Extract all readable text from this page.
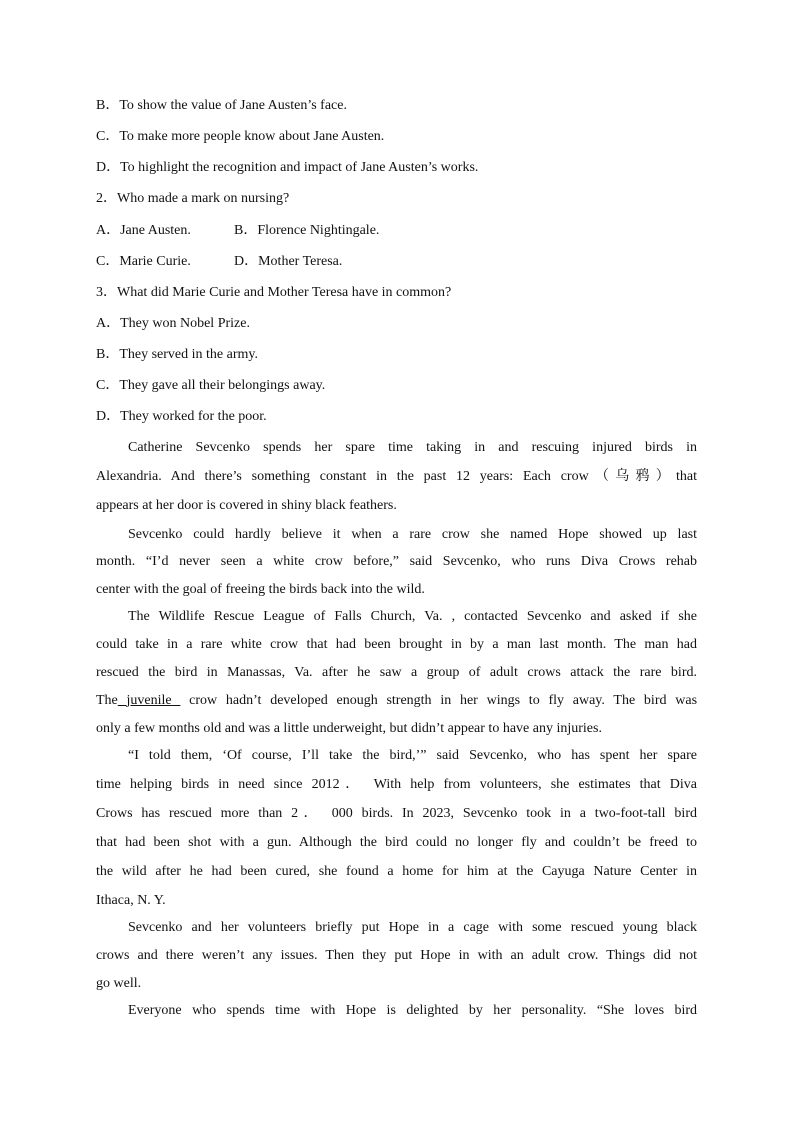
B．To show the value of Jane Austen’s face.
C．To make more people know about Jane Austen.
D．To highlight the recognition and impact of Jane Austen’s works.
2．Who made a mark on nursing?
A．Jane Austen.	B．Florence Nightingale.
C．Marie Curie.	D．Mother Teresa.
3．What did Marie Curie and Mother Teresa have in common?
A．They won Nobel Prize.
B．They served in the army.
C．They gave all their belongings away.
D．They worked for the poor.
Catherine Sevcenko spends her spare time taking in and rescuing injured birds in
Alexandria. And there’s something constant in the past 12 years: Each crow（乌鸦）that
appears at her door is covered in shiny black feathers.
Sevcenko could hardly believe it when a rare crow she named Hope showed up last
month. “I’d never seen a white crow before,” said Sevcenko, who runs Diva Crows rehab
center with the goal of freeing the birds back into the wild.
The Wildlife Rescue League of Falls Church, Va. , contacted Sevcenko and asked if she
could take in a rare white crow that had been brought in by a man last month. The man had
rescued the bird in Manassas, Va. after he saw a group of adult crows attack the rare bird.
The juvenile crow hadn’t developed enough strength in her wings to fly away. The bird was
only a few months old and was a little underweight, but didn’t appear to have any injuries.
“I told them, ‘Of course, I’ll take the bird,’” said Sevcenko, who has spent her spare
time helping birds in need since 2012． With help from volunteers, she estimates that Diva
Crows has rescued more than 2． 000 birds. In 2023, Sevcenko took in a two-foot-tall bird
that had been shot with a gun. Although the bird could no longer fly and couldn’t be freed to
the wild after he had been cured, she found a home for him at the Cayuga Nature Center in
Ithaca, N. Y.
Sevcenko and her volunteers briefly put Hope in a cage with some rescued young black
crows and there weren’t any issues. Then they put Hope in with an adult crow. Things did not
go well.
Everyone who spends time with Hope is delighted by her personality. “She loves bird
